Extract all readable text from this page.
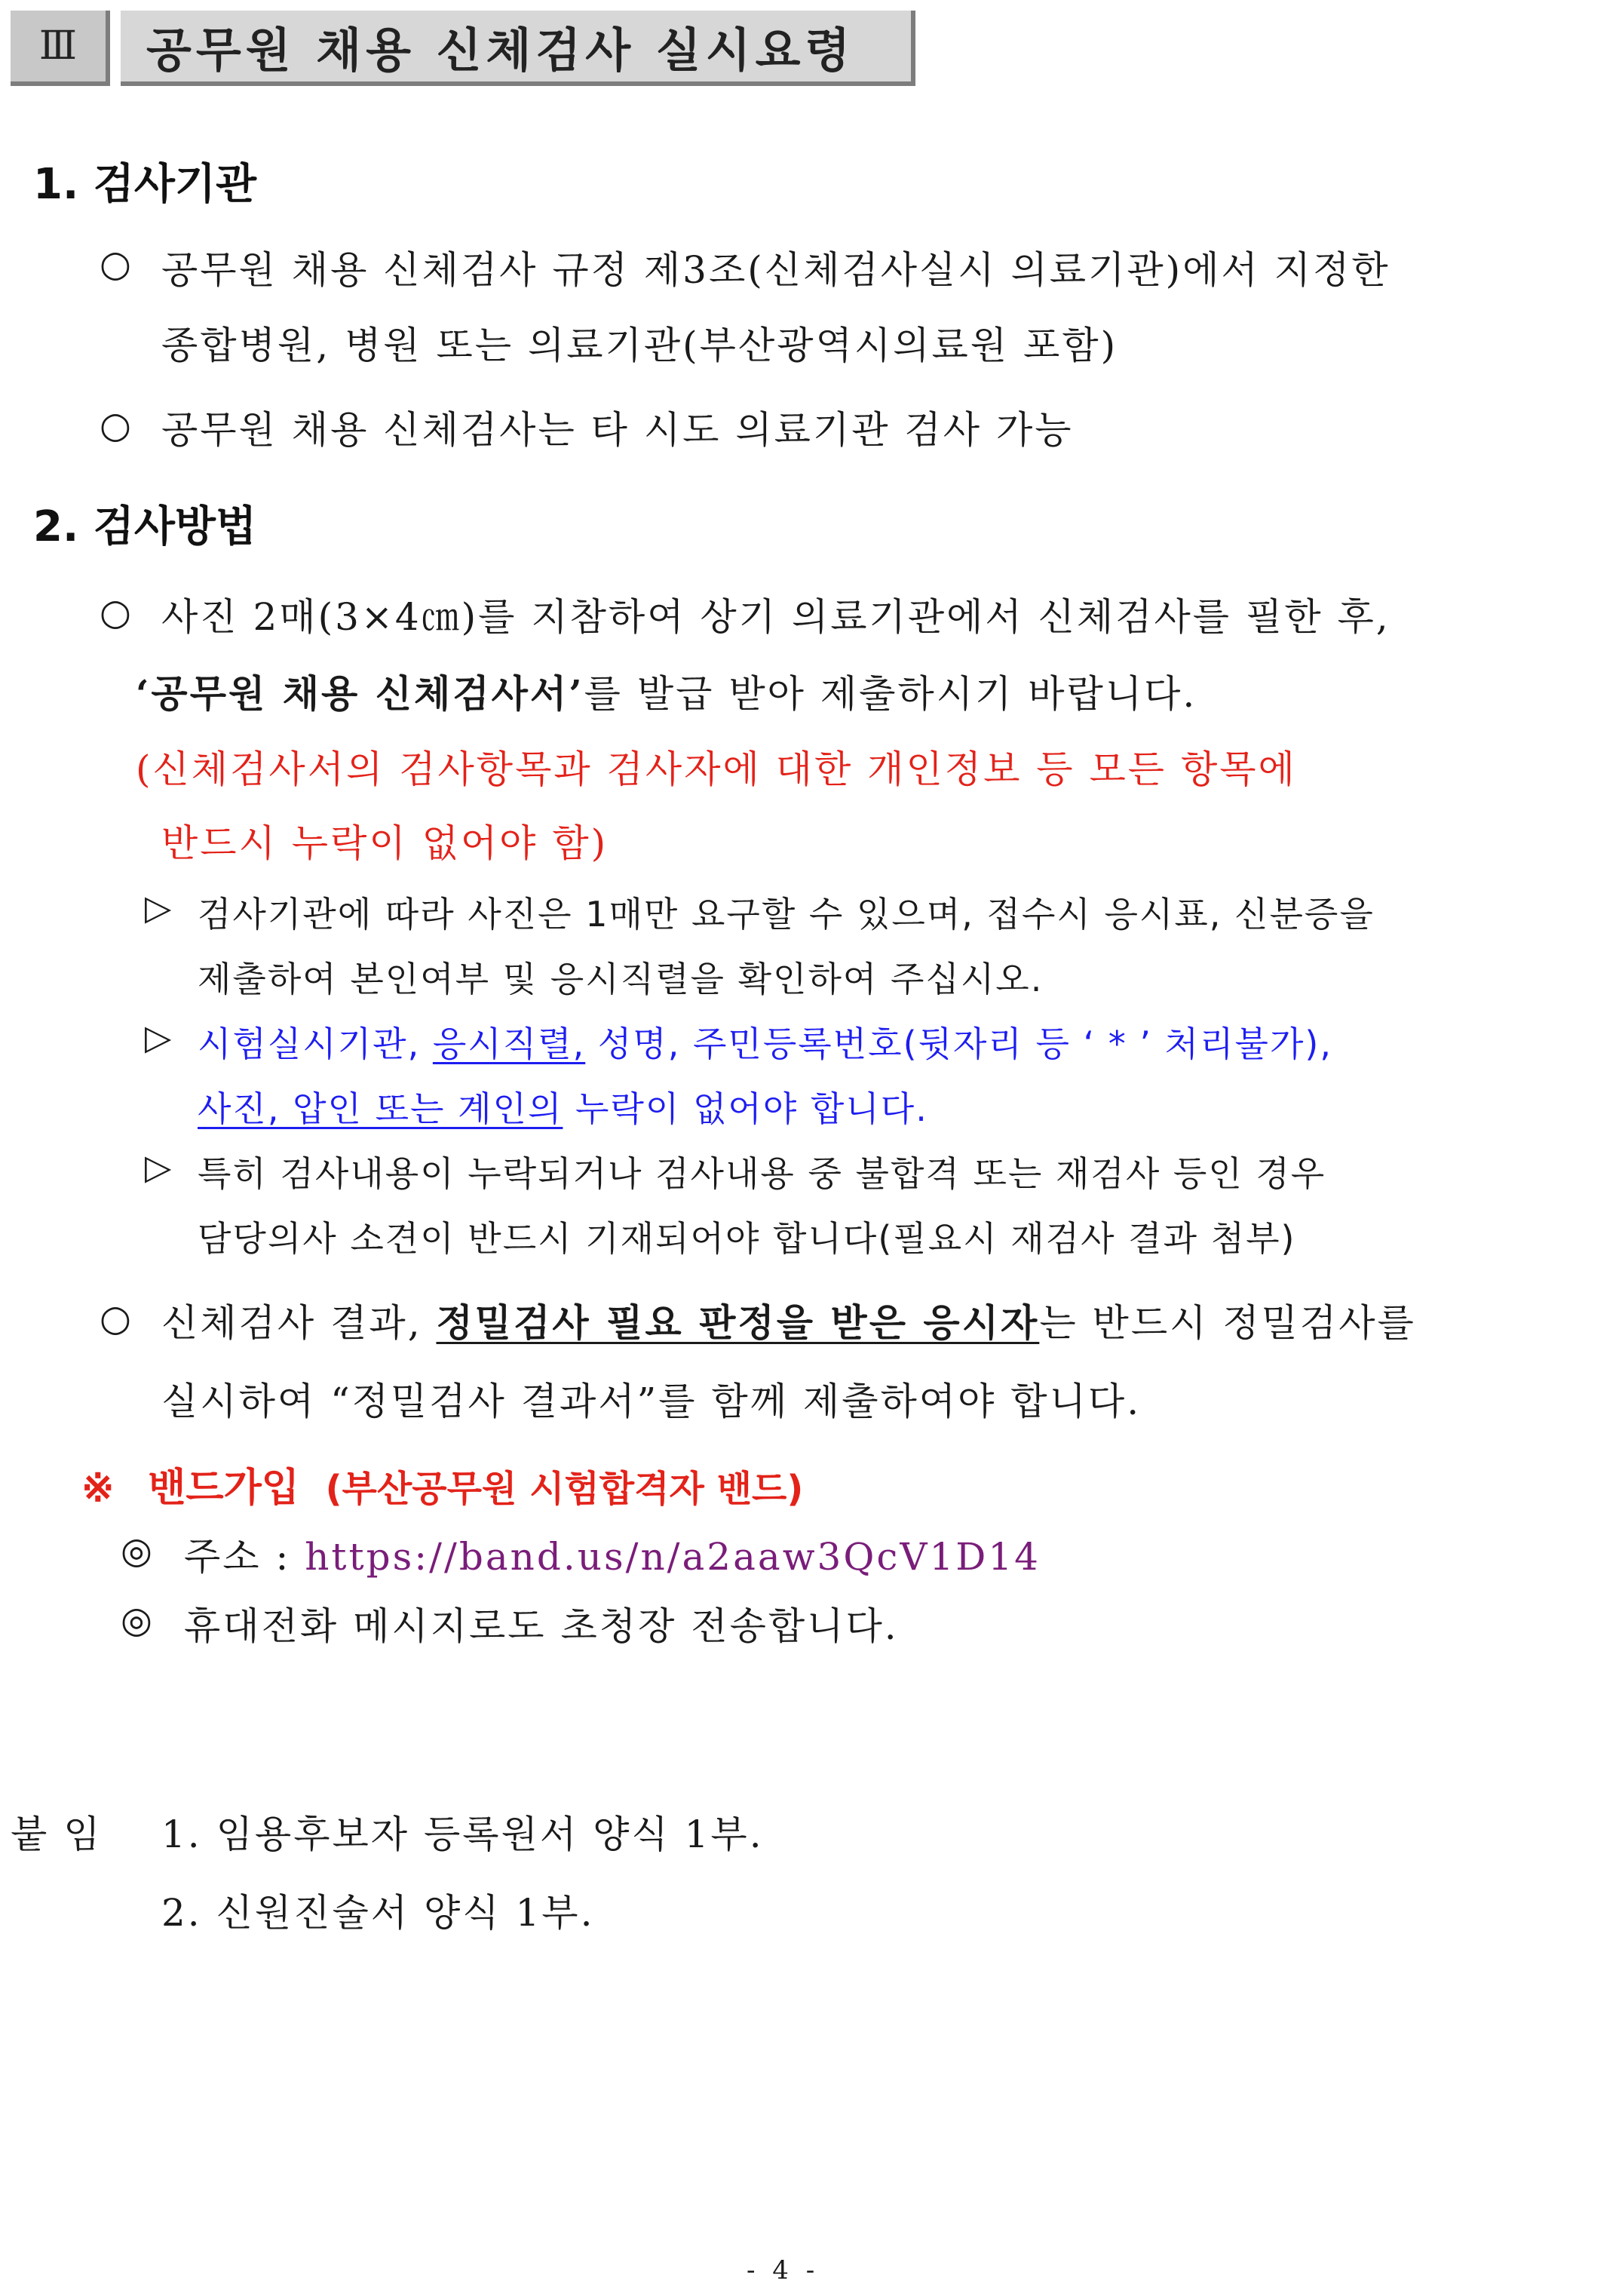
Ⅲ 공무원 채용 신체검사 실시요령
1. 검사기관
○ 공무원 채용 신체검사 규정 제3조(신체검사실시 의료기관)에서 지정한
종합병원, 병원 또는 의료기관(부산광역시의료원 포함)
○ 공무원 채용 신체검사는 타 시도 의료기관 검사 가능
2. 검사방법
○ 사진 2매(3×4㎝)를 지참하여 상기 의료기관에서 신체검사를 필한 후,
‘공무원 채용 신체검사서’를 발급 받아 제출하시기 바랍니다.
(신체검사서의 검사항목과 검사자에 대한 개인정보 등 모든 항목에
반드시 누락이 없어야 함)
▷ 검사기관에 따라 사진은 1매만 요구할 수 있으며, 접수시 응시표, 신분증을
제출하여 본인여부 및 응시직렬을 확인하여 주십시오.
▷ 시험실시기관, 응시직렬, 성명, 주민등록번호(뒷자리 등 ‘ * ’ 처리불가),
사진, 압인 또는 계인의 누락이 없어야 합니다.
▷ 특히 검사내용이 누락되거나 검사내용 중 불합격 또는 재검사 등인 경우
담당의사 소견이 반드시 기재되어야 합니다(필요시 재검사 결과 첨부)
○ 신체검사 결과, 정밀검사 필요 판정을 받은 응시자는 반드시 정밀검사를
실시하여 “정밀검사 결과서”를 함께 제출하여야 합니다.
※ 밴드가입 (부산공무원 시험합격자 밴드)
◎ 주소 : https://band.us/n/a2aaw3QcV1D14
◎ 휴대전화 메시지로도 초청장 전송합니다.
붙 임 1. 임용후보자 등록원서 양식 1부.
2. 신원진술서 양식 1부.
- 4 -
